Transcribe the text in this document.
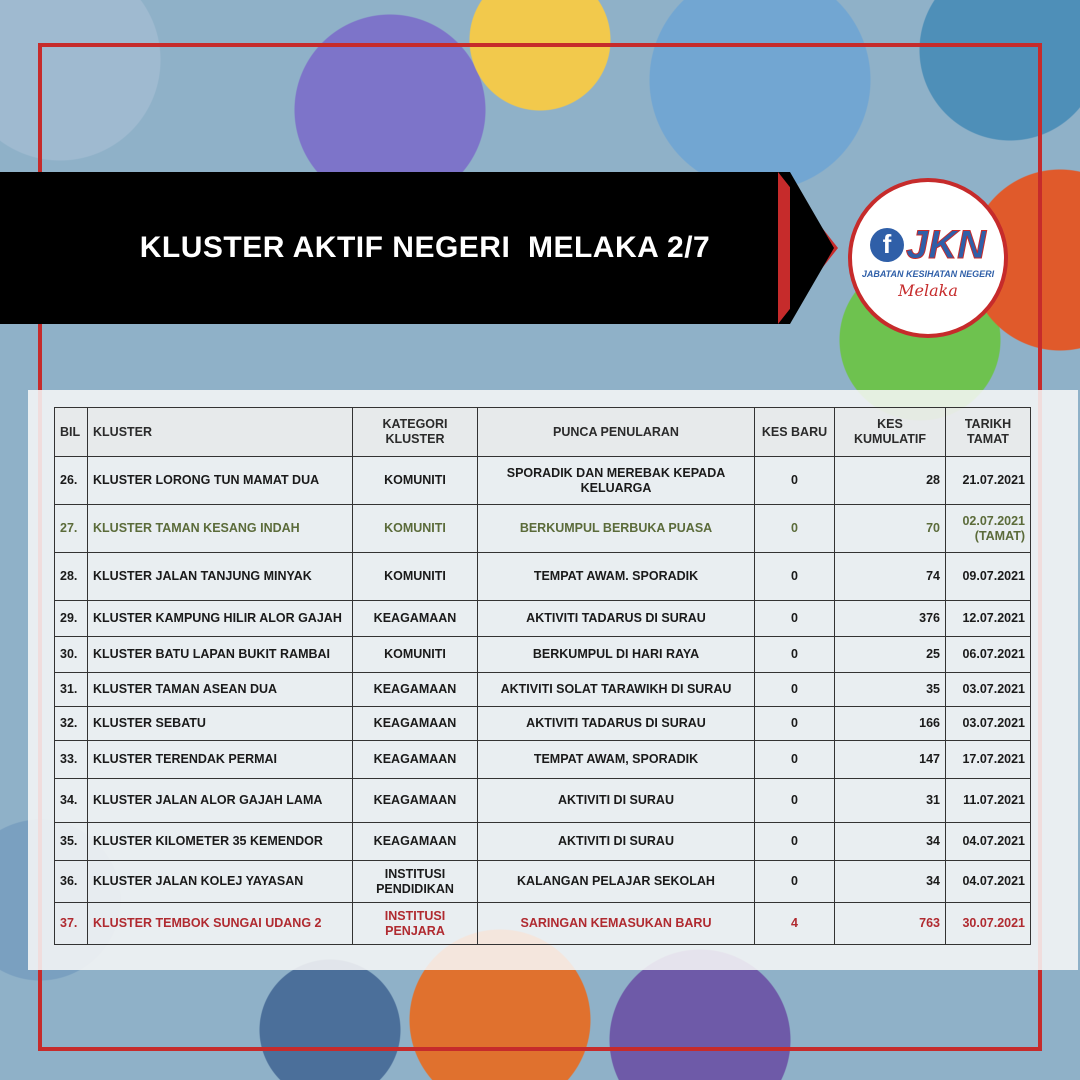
KLUSTER AKTIF NEGERI  MELAKA 2/7	f JKN
JABATAN KESIHATAN NEGERI
Melaka
BIL	KLUSTER	KATEGORI KLUSTER	PUNCA PENULARAN	KES BARU	KES KUMULATIF	TARIKH TAMAT
26.	KLUSTER LORONG TUN MAMAT DUA	KOMUNITI	SPORADIK DAN MEREBAK KEPADA KELUARGA	0	28	21.07.2021
27.	KLUSTER TAMAN KESANG INDAH	KOMUNITI	BERKUMPUL BERBUKA PUASA	0	70	02.07.2021 (TAMAT)
28.	KLUSTER JALAN TANJUNG MINYAK	KOMUNITI	TEMPAT AWAM. SPORADIK	0	74	09.07.2021
29.	KLUSTER KAMPUNG HILIR ALOR GAJAH	KEAGAMAAN	AKTIVITI TADARUS DI SURAU	0	376	12.07.2021
30.	KLUSTER BATU LAPAN BUKIT RAMBAI	KOMUNITI	BERKUMPUL DI HARI RAYA	0	25	06.07.2021
31.	KLUSTER TAMAN ASEAN DUA	KEAGAMAAN	AKTIVITI SOLAT TARAWIKH DI SURAU	0	35	03.07.2021
32.	KLUSTER SEBATU	KEAGAMAAN	AKTIVITI TADARUS DI SURAU	0	166	03.07.2021
33.	KLUSTER TERENDAK PERMAI	KEAGAMAAN	TEMPAT AWAM, SPORADIK	0	147	17.07.2021
34.	KLUSTER JALAN ALOR GAJAH LAMA	KEAGAMAAN	AKTIVITI DI SURAU	0	31	11.07.2021
35.	KLUSTER KILOMETER 35 KEMENDOR	KEAGAMAAN	AKTIVITI DI SURAU	0	34	04.07.2021
36.	KLUSTER JALAN KOLEJ YAYASAN	INSTITUSI PENDIDIKAN	KALANGAN PELAJAR SEKOLAH	0	34	04.07.2021
37.	KLUSTER TEMBOK SUNGAI UDANG 2	INSTITUSI PENJARA	SARINGAN KEMASUKAN BARU	4	763	30.07.2021
